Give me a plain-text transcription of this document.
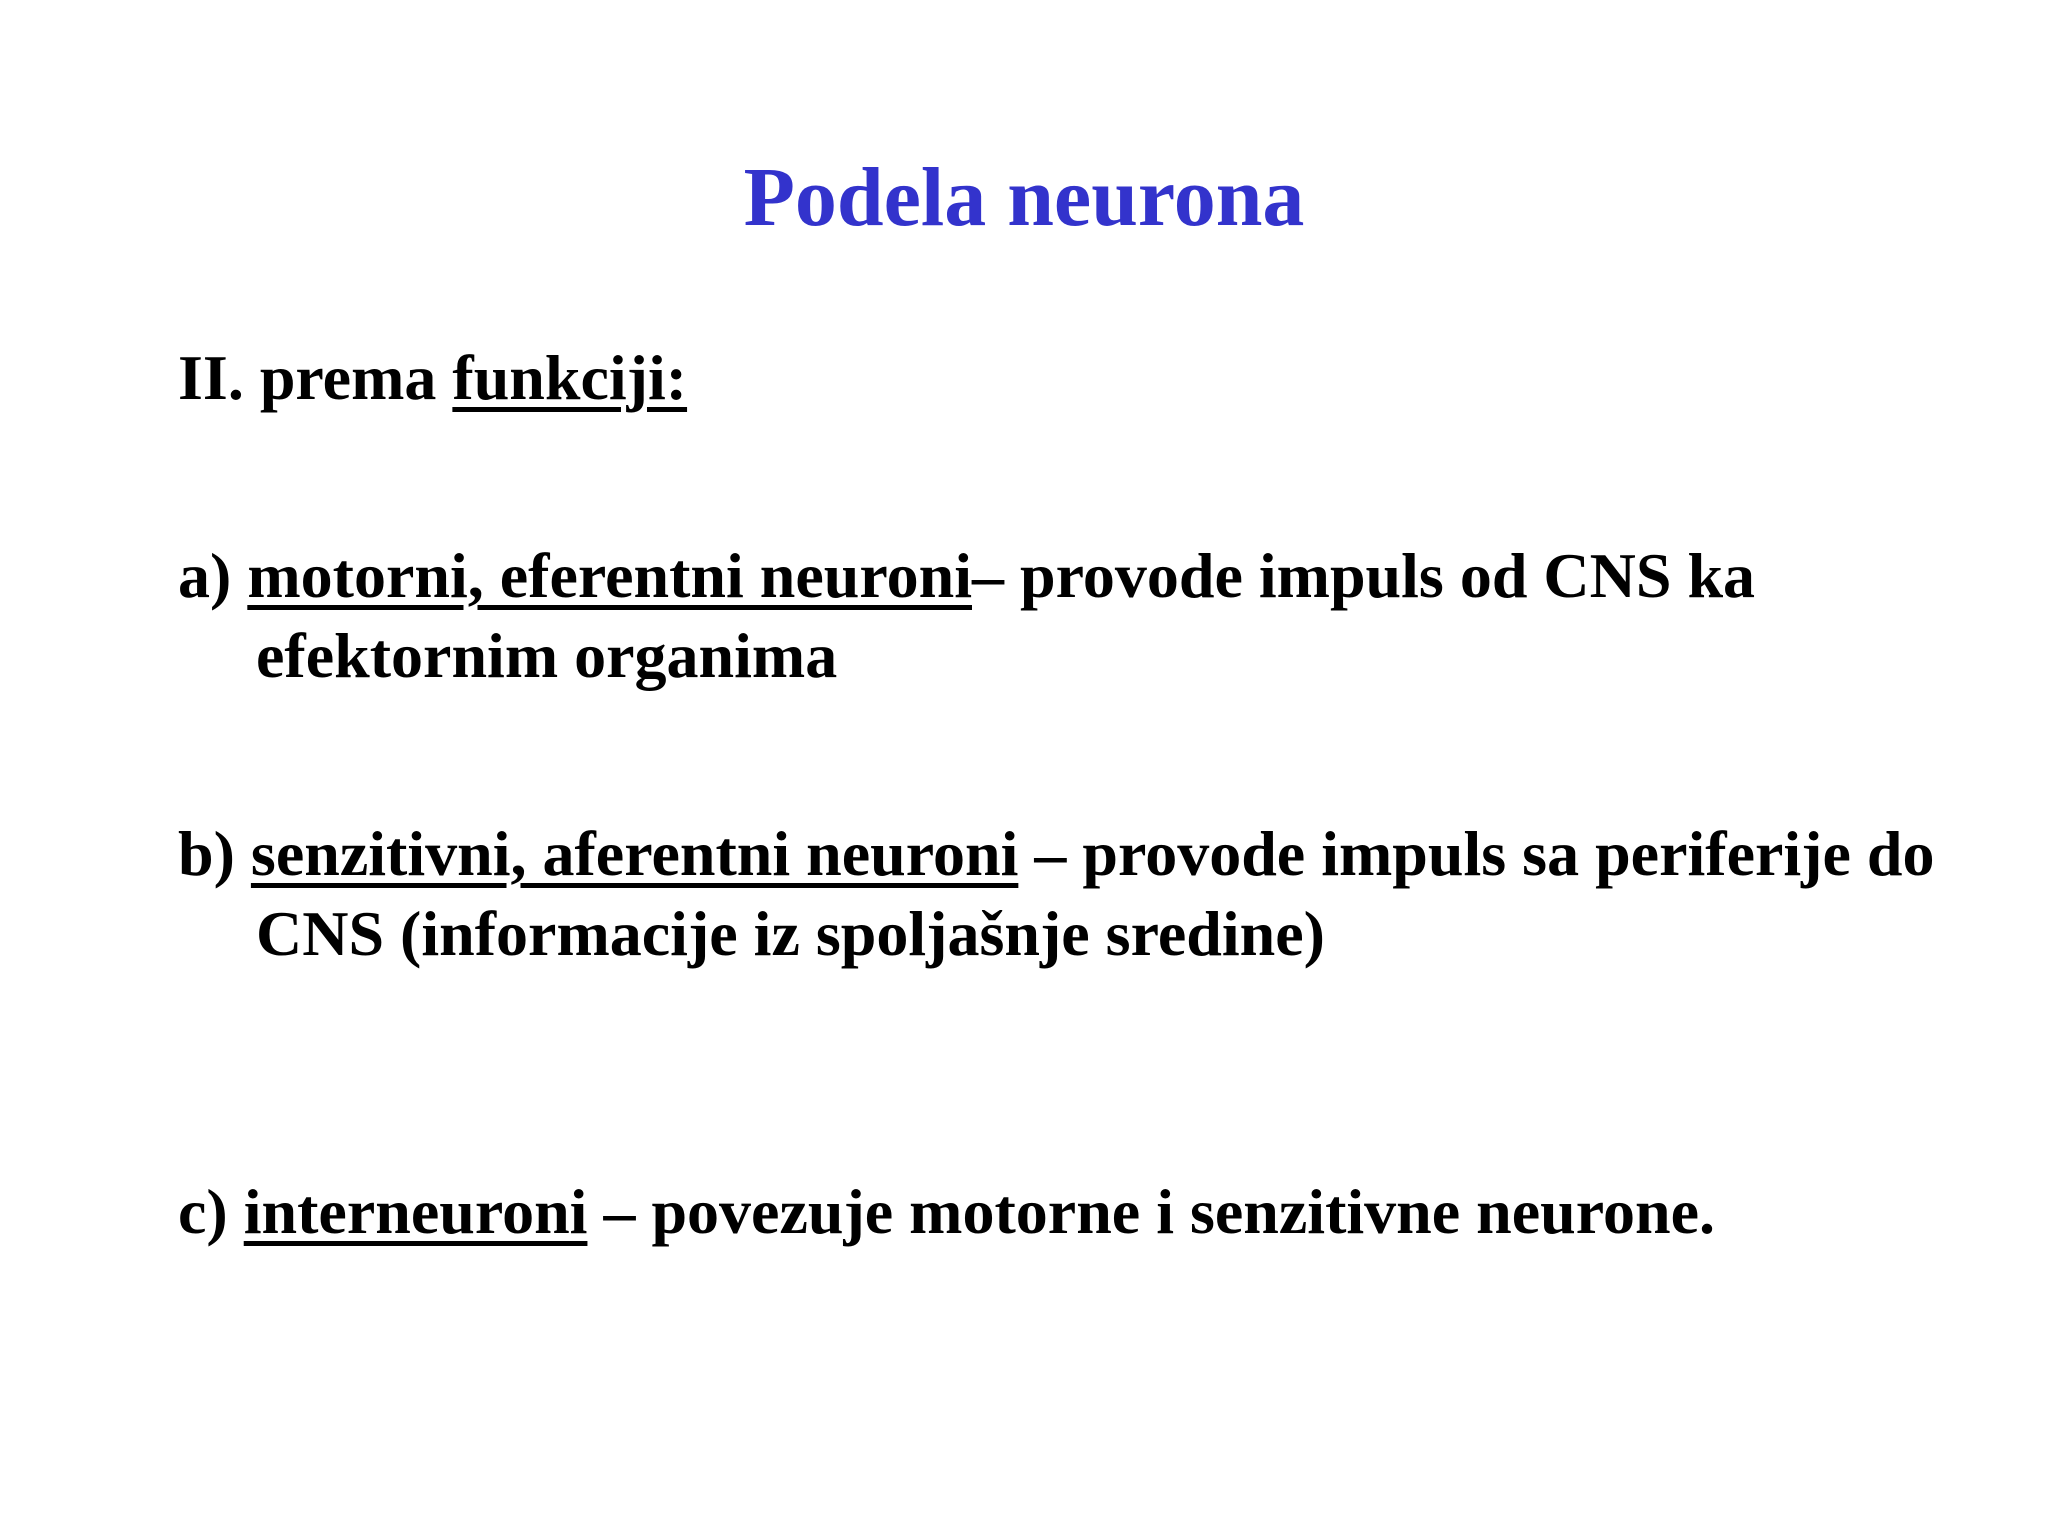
Podela neurona
II. prema funkciji:
a) motorni, eferentni neuroni– provode impuls od CNS ka efektornim organima
b) senzitivni, aferentni neuroni – provode impuls sa periferije do CNS (informacije iz spoljašnje sredine)
c) interneuroni – povezuje motorne i senzitivne neurone.
